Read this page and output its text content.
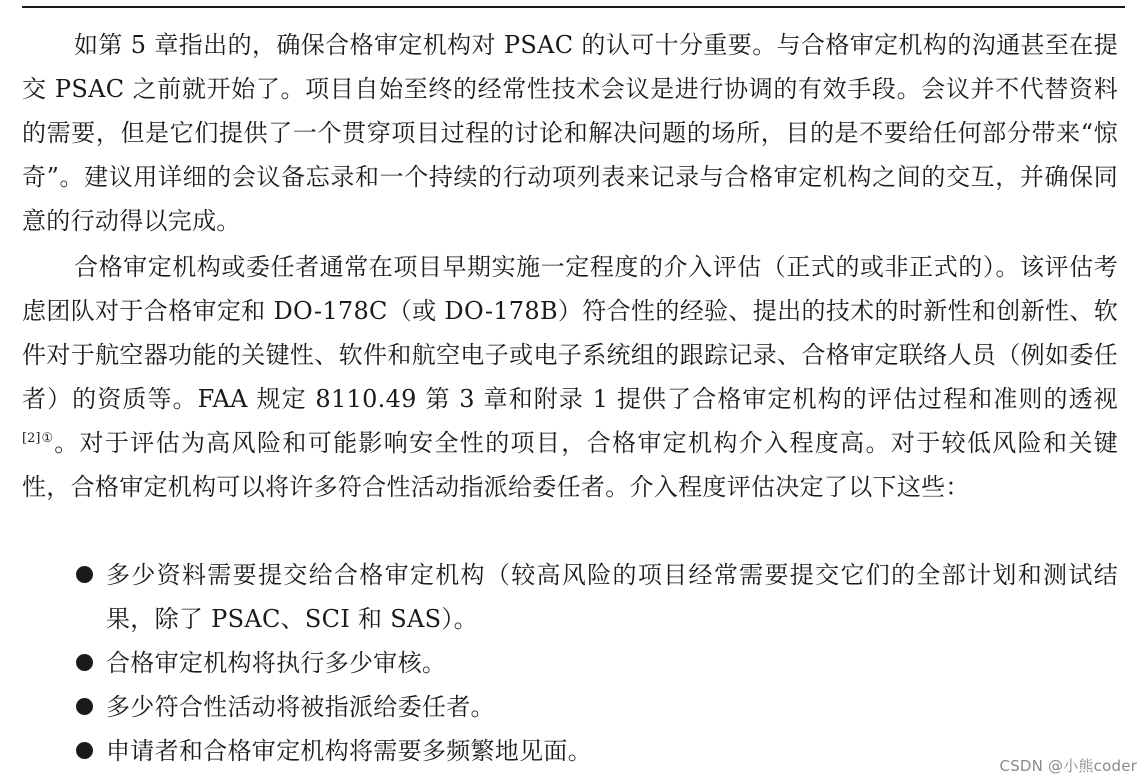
如第 5 章指出的，确保合格审定机构对 PSAC 的认可十分重要。与合格审定机构的沟通甚至在提交 PSAC 之前就开始了。项目自始至终的经常性技术会议是进行协调的有效手段。会议并不代替资料的需要，但是它们提供了一个贯穿项目过程的讨论和解决问题的场所，目的是不要给任何部分带来“惊奇”。建议用详细的会议备忘录和一个持续的行动项列表来记录与合格审定机构之间的交互，并确保同意的行动得以完成。

合格审定机构或委任者通常在项目早期实施一定程度的介入评估（正式的或非正式的）。该评估考虑团队对于合格审定和 DO-178C（或 DO-178B）符合性的经验、提出的技术的时新性和创新性、软件对于航空器功能的关键性、软件和航空电子或电子系统组的跟踪记录、合格审定联络人员（例如委任者）的资质等。FAA 规定 8110.49 第 3 章和附录 1 提供了合格审定机构的评估过程和准则的透视$^{[2]①}$。对于评估为高风险和可能影响安全性的项目，合格审定机构介入程度高。对于较低风险和关键性，合格审定机构可以将许多符合性活动指派给委任者。介入程度评估决定了以下这些：

多少资料需要提交给合格审定机构（较高风险的项目经常需要提交它们的全部计划和测试结果，除了 PSAC、SCI 和 SAS）。
合格审定机构将执行多少审核。
多少符合性活动将被指派给委任者。
申请者和合格审定机构将需要多频繁地见面。
CSDN @小熊coder
